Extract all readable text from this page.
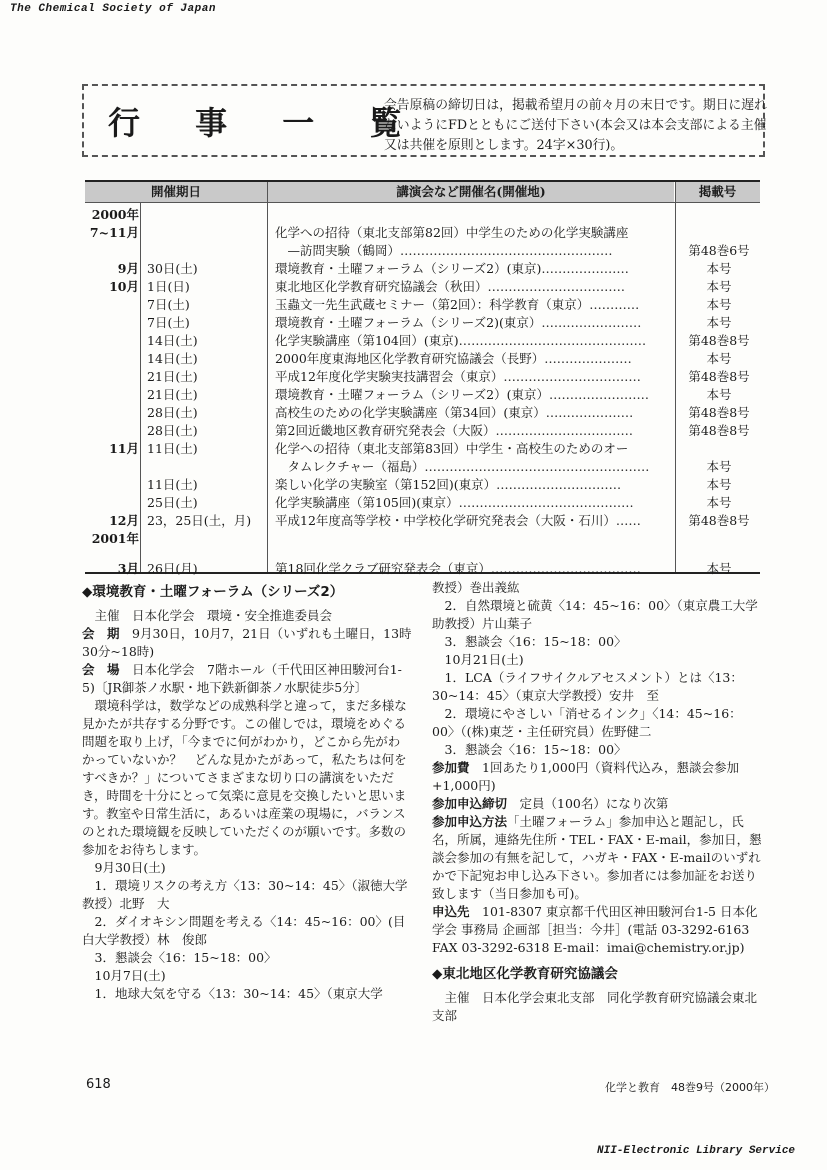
The Chemical Society of Japan
行 事 一 覧
会告原稿の締切日は，掲載希望月の前々月の末日です。期日に遅れないようにFDとともにご送付下さい(本会又は本会支部による主催又は共催を原則とします。24字×30行)。
開催期日	講演会など開催名(開催地)	掲載号
2000年
7~11月	化学への招待（東北支部第82回）中学生のための化学実験講座
　—訪問実験（鶴岡）……………………………………………	第48巻6号
9月 30日(土)	環境教育・土曜フォーラム（シリーズ2）(東京)…………………	本号
10月 1日(日)	東北地区化学教育研究協議会（秋田）……………………………	本号
7日(土)	玉蟲文一先生武蔵セミナー（第2回）：科学教育（東京）…………	本号
7日(土)	環境教育・土曜フォーラム（シリーズ2)(東京）……………………	本号
14日(土)	化学実験講座（第104回）(東京)………………………………………	第48巻8号
14日(土)	2000年度東海地区化学教育研究協議会（長野）…………………	本号
21日(土)	平成12年度化学実験実技講習会（東京）……………………………	第48巻8号
21日(土)	環境教育・土曜フォーラム（シリーズ2）(東京）……………………	本号
28日(土)	高校生のための化学実験講座（第34回）(東京）…………………	第48巻8号
28日(土)	第2回近畿地区教育研究発表会（大阪）……………………………	第48巻8号
11月 11日(土)	化学への招待（東北支部第83回）中学生・高校生のためのオー
　タムレクチャー（福島）………………………………………………	本号
11日(土)	楽しい化学の実験室（第152回)(東京）…………………………	本号
25日(土)	化学実験講座（第105回)(東京）……………………………………	本号
12月 23，25日(土，月)	平成12年度高等学校・中学校化学研究発表会（大阪・石川）……	第48巻8号
2001年
3月 26日(月)	第18回化学クラブ研究発表会（東京）………………………………	本号

◆環境教育・土曜フォーラム（シリーズ2）

　主催　日本化学会　環境・安全推進委員会

会　期　9月30日，10月7，21日（いずれも土曜日，13時30分~18時)

会　場　日本化学会　7階ホール（千代田区神田駿河台1-5)〔JR御茶ノ水駅・地下鉄新御茶ノ水駅徒歩5分〕

　環境科学は，数学などの成熟科学と違って，まだ多様な見かたが共存する分野です。この催しでは，環境をめぐる問題を取り上げ，「今までに何がわかり，どこから先がわかっていないか？　どんな見かたがあって，私たちは何をすべきか？」についてさまざまな切り口の講演をいただき，時間を十分にとって気楽に意見を交換したいと思います。教室や日常生活に，あるいは産業の現場に，バランスのとれた環境観を反映していただくのが願いです。多数の参加をお待ちします。

　9月30日(土)

　1．環境リスクの考え方〈13：30~14：45〉（淑徳大学教授）北野　大

　2．ダイオキシン問題を考える〈14：45~16：00〉(目白大学教授）林　俊郎

　3．懇談会〈16：15~18：00〉

　10月7日(土)

　1．地球大気を守る〈13：30~14：45〉（東京大学

教授）巻出義紘

　2．自然環境と硫黄〈14：45~16：00〉（東京農工大学助教授）片山葉子

　3．懇談会〈16：15~18：00〉

　10月21日(土)

　1．LCA（ライフサイクルアセスメント）とは〈13：30~14：45〉（東京大学教授）安井　至

　2．環境にやさしい「消せるインク」〈14：45~16：00〉（(株)東芝・主任研究員）佐野健二

　3．懇談会〈16：15~18：00〉

参加費　1回あたり1,000円（資料代込み，懇談会参加+1,000円)

参加申込締切　定員（100名）になり次第

参加申込方法「土曜フォーラム」参加申込と題記し，氏名，所属，連絡先住所・TEL・FAX・E-mail，参加日，懇談会参加の有無を記して，ハガキ・FAX・E-mailのいずれかで下記宛お申し込み下さい。参加者には参加証をお送り致します（当日参加も可)。

申込先　101-8307 東京都千代田区神田駿河台1-5 日本化学会 事務局 企画部［担当：今井］(電話 03-3292-6163　FAX 03-3292-6318 E-mail：imai@chemistry.or.jp)

◆東北地区化学教育研究協議会

　主催　日本化学会東北支部　同化学教育研究協議会東北支部

618	化学と教育　48巻9号（2000年）
NII-Electronic Library Service
